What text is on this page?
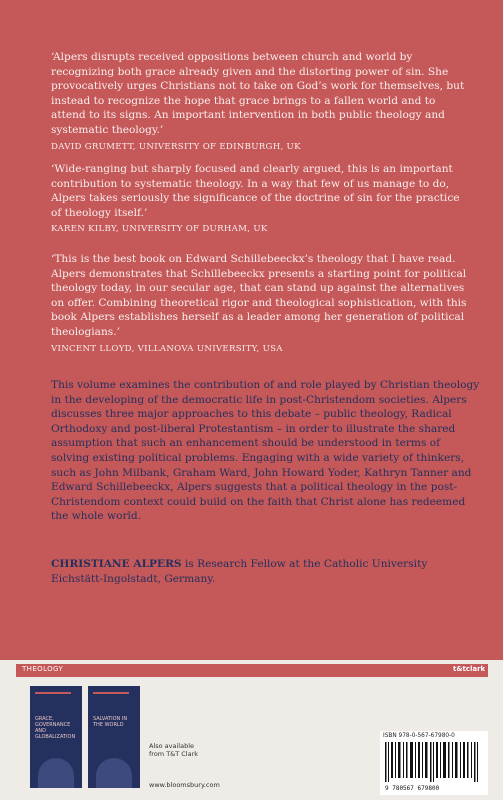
‘Alpers disrupts received oppositions between church and world by recognizing both grace already given and the distorting power of sin. She provocatively urges Christians not to take on God’s work for themselves, but instead to recognize the hope that grace brings to a fallen world and to attend to its signs. An important intervention in both public theology and systematic theology.’
DAVID GRUMETT, UNIVERSITY OF EDINBURGH, UK
‘Wide-ranging but sharply focused and clearly argued, this is an important contribution to systematic theology. In a way that few of us manage to do, Alpers takes seriously the significance of the doctrine of sin for the practice of theology itself.’
KAREN KILBY, UNIVERSITY OF DURHAM, UK
‘This is the best book on Edward Schillebeeckx’s theology that I have read. Alpers demonstrates that Schillebeeckx presents a starting point for political theology today, in our secular age, that can stand up against the alternatives on offer. Combining theoretical rigor and theological sophistication, with this book Alpers establishes herself as a leader among her generation of political theologians.’
VINCENT LLOYD, VILLANOVA UNIVERSITY, USA
This volume examines the contribution of and role played by Christian theology in the developing of the democratic life in post-Christendom societies. Alpers discusses three major approaches to this debate – public theology, Radical Orthodoxy and post-liberal Protestantism – in order to illustrate the shared assumption that such an enhancement should be understood in terms of solving existing political problems. Engaging with a wide variety of thinkers, such as John Milbank, Graham Ward, John Howard Yoder, Kathryn Tanner and Edward Schillebeeckx, Alpers suggests that a political theology in the post-Christendom context could build on the faith that Christ alone has redeemed the whole world.
CHRISTIANE ALPERS is Research Fellow at the Catholic University Eichstätt-Ingolstadt, Germany.
THEOLOGY	t&tclark
GRACE, GOVERNANCE AND GLOBALIZATION
SALVATION IN THE WORLD
Also available
from T&T Clark
www.bloomsbury.com
ISBN 978-0-567-67980-0
9 780567 679800
